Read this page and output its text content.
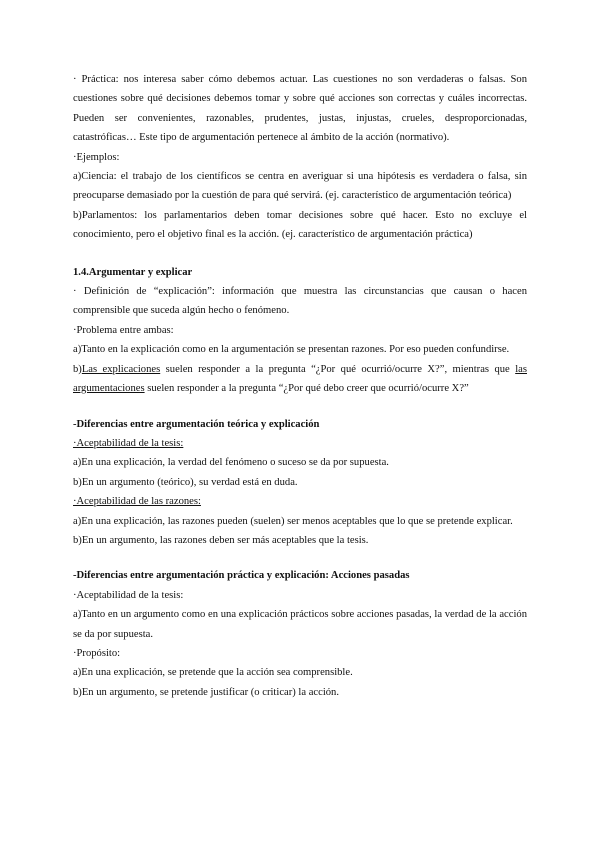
· Práctica: nos interesa saber cómo debemos actuar. Las cuestiones no son verdaderas o falsas. Son cuestiones sobre qué decisiones debemos tomar y sobre qué acciones son correctas y cuáles incorrectas. Pueden ser convenientes, razonables, prudentes, justas, injustas, crueles, desproporcionadas, catastróficas… Este tipo de argumentación pertenece al ámbito de la acción (normativo).

·Ejemplos:

a)Ciencia: el trabajo de los científicos se centra en averiguar si una hipótesis es verdadera o falsa, sin preocuparse demasiado por la cuestión de para qué servirá. (ej. característico de argumentación teórica)

b)Parlamentos: los parlamentarios deben tomar decisiones sobre qué hacer. Esto no excluye el conocimiento, pero el objetivo final es la acción. (ej. característico de argumentación práctica)

1.4.Argumentar y explicar

· Definición de “explicación”: información que muestra las circunstancias que causan o hacen comprensible que suceda algún hecho o fenómeno.

·Problema entre ambas:

a)Tanto en la explicación como en la argumentación se presentan razones. Por eso pueden confundirse.

b)Las explicaciones suelen responder a la pregunta “¿Por qué ocurrió/ocurre X?”, mientras que las argumentaciones suelen responder a la pregunta “¿Por qué debo creer que ocurrió/ocurre X?”

-Diferencias entre argumentación teórica y explicación

·Aceptabilidad de la tesis:

a)En una explicación, la verdad del fenómeno o suceso se da por supuesta.

b)En un argumento (teórico), su verdad está en duda.

·Aceptabilidad de las razones:

a)En una explicación, las razones pueden (suelen) ser menos aceptables que lo que se pretende explicar.

b)En un argumento, las razones deben ser más aceptables que la tesis.

-Diferencias entre argumentación práctica y explicación: Acciones pasadas

·Aceptabilidad de la tesis:

a)Tanto en un argumento como en una explicación prácticos sobre acciones pasadas, la verdad de la acción se da por supuesta.

·Propósito:

a)En una explicación, se pretende que la acción sea comprensible.

b)En un argumento, se pretende justificar (o criticar) la acción.
